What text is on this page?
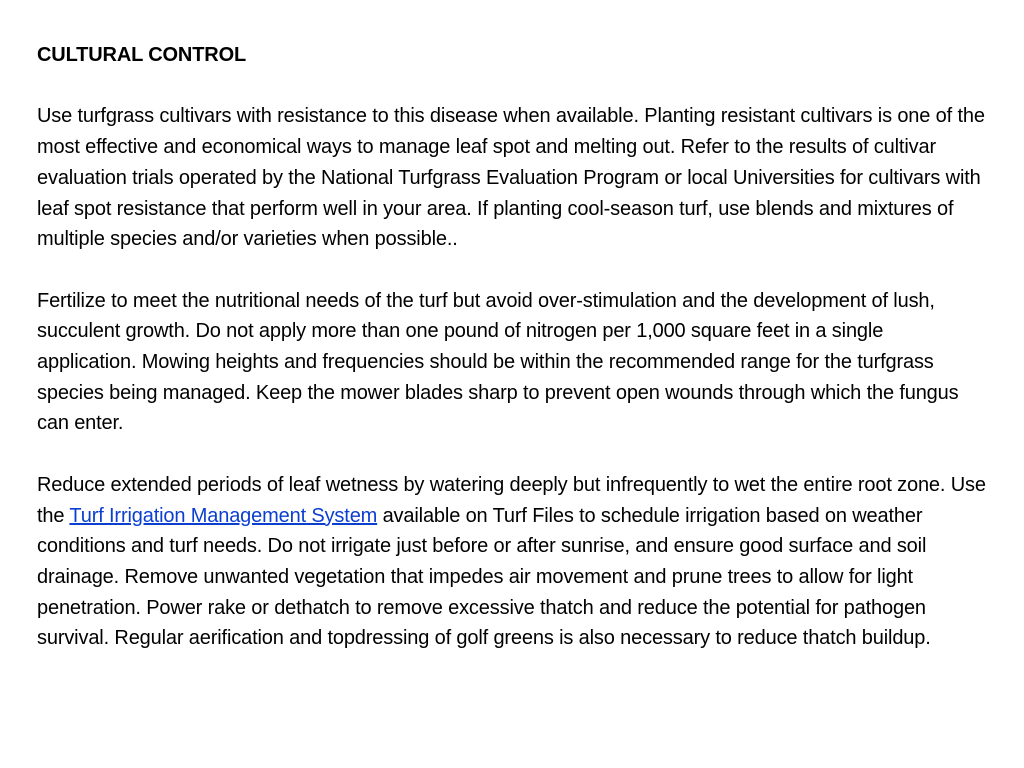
CULTURAL CONTROL

Use turfgrass cultivars with resistance to this disease when available. Planting resistant cultivars is one of the most effective and economical ways to manage leaf spot and melting out. Refer to the results of cultivar evaluation trials operated by the National Turfgrass Evaluation Program or local Universities for cultivars with leaf spot resistance that perform well in your area. If planting cool-season turf, use blends and mixtures of multiple species and/or varieties when possible..

Fertilize to meet the nutritional needs of the turf but avoid over-stimulation and the development of lush, succulent growth. Do not apply more than one pound of nitrogen per 1,000 square feet in a single application. Mowing heights and frequencies should be within the recommended range for the turfgrass species being managed. Keep the mower blades sharp to prevent open wounds through which the fungus can enter.

Reduce extended periods of leaf wetness by watering deeply but infrequently to wet the entire root zone. Use the Turf Irrigation Management System available on Turf Files to schedule irrigation based on weather conditions and turf needs. Do not irrigate just before or after sunrise, and ensure good surface and soil drainage. Remove unwanted vegetation that impedes air movement and prune trees to allow for light penetration. Power rake or dethatch to remove excessive thatch and reduce the potential for pathogen survival. Regular aerification and topdressing of golf greens is also necessary to reduce thatch buildup.
